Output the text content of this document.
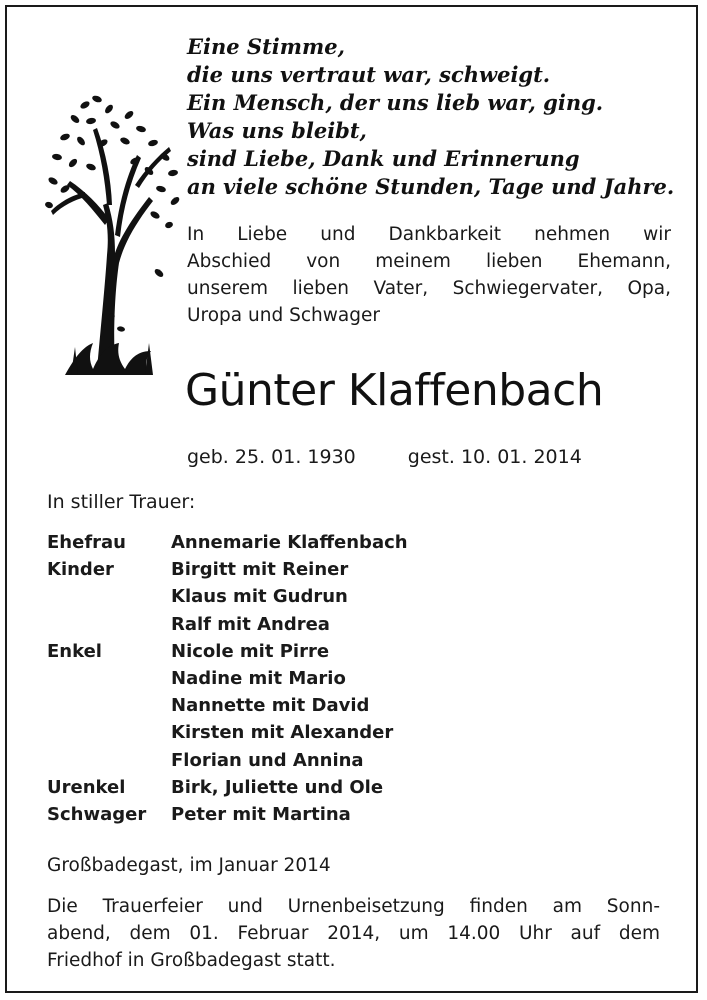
Eine Stimme,
die uns vertraut war, schweigt.
Ein Mensch, der uns lieb war, ging.
Was uns bleibt,
sind Liebe, Dank und Erinnerung
an viele schöne Stunden, Tage und Jahre.
In Liebe und Dankbarkeit nehmen wir
Abschied von meinem lieben Ehemann,
unserem lieben Vater, Schwiegervater, Opa,
Uropa und Schwager
Günter Klaffenbach
geb. 25. 01. 1930	gest. 10. 01. 2014
In stiller Trauer:
Ehefrau	Annemarie Klaffenbach
Kinder	Birgitt mit Reiner
Klaus mit Gudrun
Ralf mit Andrea
Enkel	Nicole mit Pirre
Nadine mit Mario
Nannette mit David
Kirsten mit Alexander
Florian und Annina
Urenkel	Birk, Juliette und Ole
Schwager	Peter mit Martina
Großbadegast, im Januar 2014
Die Trauerfeier und Urnenbeisetzung finden am Sonn-
abend, dem 01. Februar 2014, um 14.00 Uhr auf dem
Friedhof in Großbadegast statt.
